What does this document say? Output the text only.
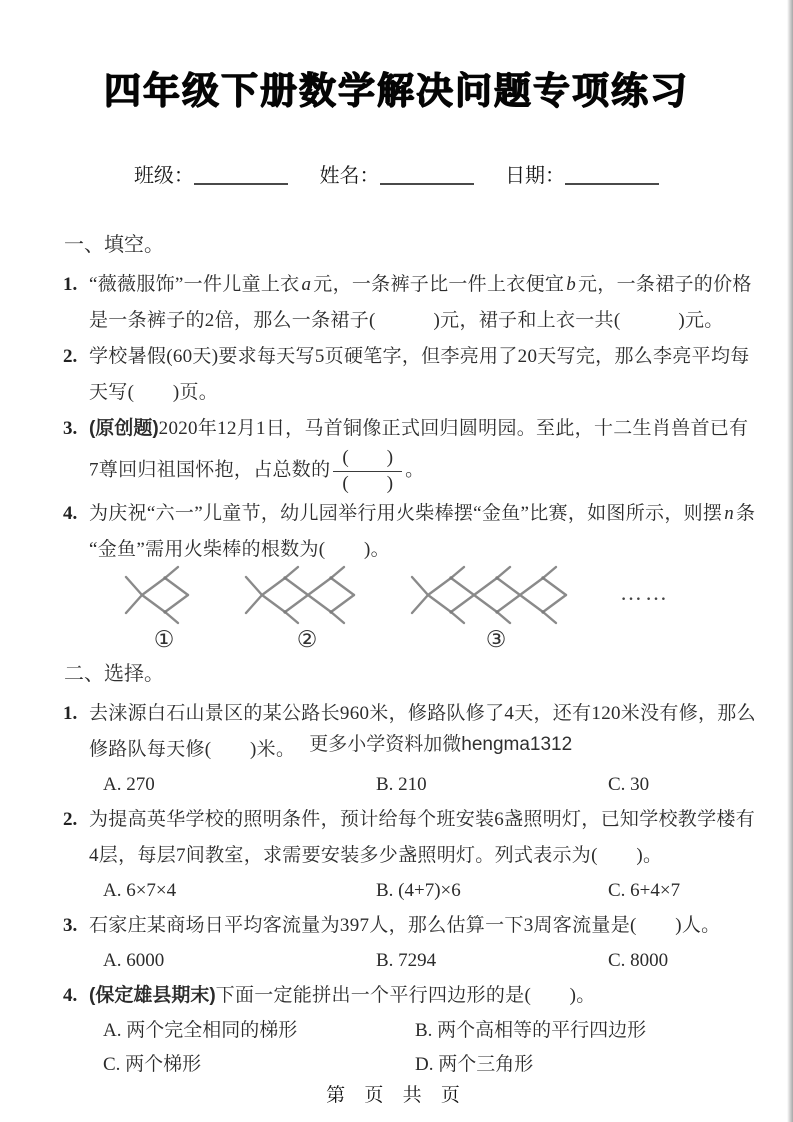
四年级下册数学解决问题专项练习
班级：	姓名：	日期：
一、填空。
1. “薇薇服饰”一件儿童上衣 a 元，一条裤子比一件上衣便宜 b 元，一条裙子的价格
是一条裤子的2倍，那么一条裙子(　　　)元，裙子和上衣一共(　　　)元。
2. 学校暑假(60天)要求每天写5页硬笔字，但李亮用了20天写完，那么李亮平均每
天写(　　)页。
3. (原创题)2020年12月1日，马首铜像正式回归圆明园。至此，十二生肖兽首已有
7尊回归祖国怀抱，占总数的 $\frac{( )}{( )}$ 。
4. 为庆祝“六一”儿童节，幼儿园举行用火柴棒摆“金鱼”比赛，如图所示，则摆 n 条
“金鱼”需用火柴棒的根数为(　　)。
①	②	③
……
二、选择。
1. 去涞源白石山景区的某公路长960米，修路队修了4天，还有120米没有修，那么
修路队每天修(　　)米。 更多小学资料加微hengma1312
A. 270	B. 210	C. 30
2. 为提高英华学校的照明条件，预计给每个班安装6盏照明灯，已知学校教学楼有
4层，每层7间教室，求需要安装多少盏照明灯。列式表示为(　　)。
A. 6×7×4	B. (4+7)×6	C. 6+4×7
3. 石家庄某商场日平均客流量为397人，那么估算一下3周客流量是(　　)人。
A. 6000	B. 7294	C. 8000
4. (保定雄县期末)下面一定能拼出一个平行四边形的是(　　)。
A. 两个完全相同的梯形	B. 两个高相等的平行四边形
C. 两个梯形	D. 两个三角形
第 页 共 页
